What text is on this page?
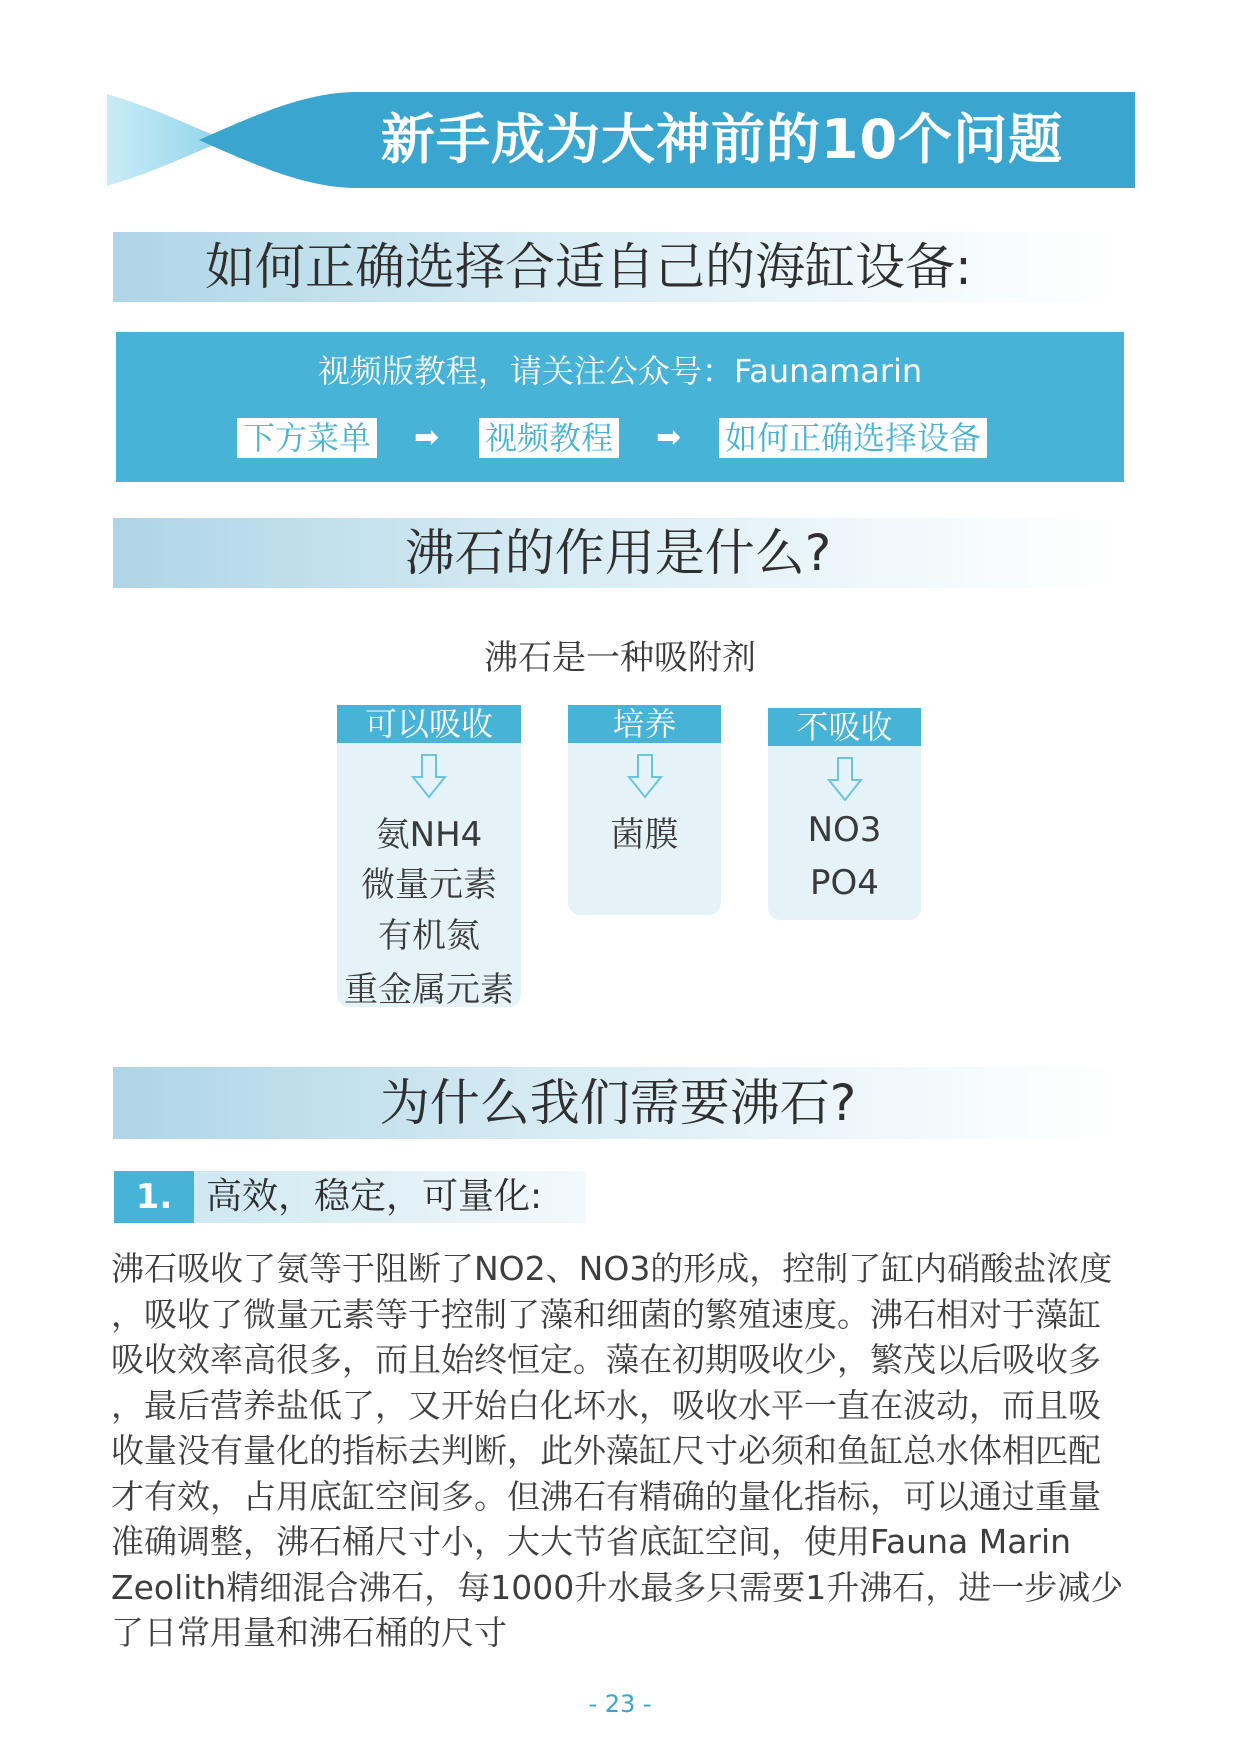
新手成为大神前的10个问题
如何正确选择合适自己的海缸设备:
视频版教程，请关注公众号：Faunamarin
下方菜单 ➡ 视频教程 ➡ 如何正确选择设备
沸石的作用是什么?
沸石是一种吸附剂
可以吸收
氨NH4
微量元素
有机氮
重金属元素
培养
菌膜
不吸收
NO3
PO4
为什么我们需要沸石?
1. 高效，稳定，可量化:
沸石吸收了氨等于阻断了NO2、NO3的形成，控制了缸内硝酸盐浓度
，吸收了微量元素等于控制了藻和细菌的繁殖速度。沸石相对于藻缸
吸收效率高很多，而且始终恒定。藻在初期吸收少，繁茂以后吸收多
，最后营养盐低了，又开始白化坏水，吸收水平一直在波动，而且吸
收量没有量化的指标去判断，此外藻缸尺寸必须和鱼缸总水体相匹配
才有效，占用底缸空间多。但沸石有精确的量化指标，可以通过重量
准确调整，沸石桶尺寸小，大大节省底缸空间，使用Fauna Marin
Zeolith精细混合沸石，每1000升水最多只需要1升沸石，进一步减少
了日常用量和沸石桶的尺寸
- 23 -
